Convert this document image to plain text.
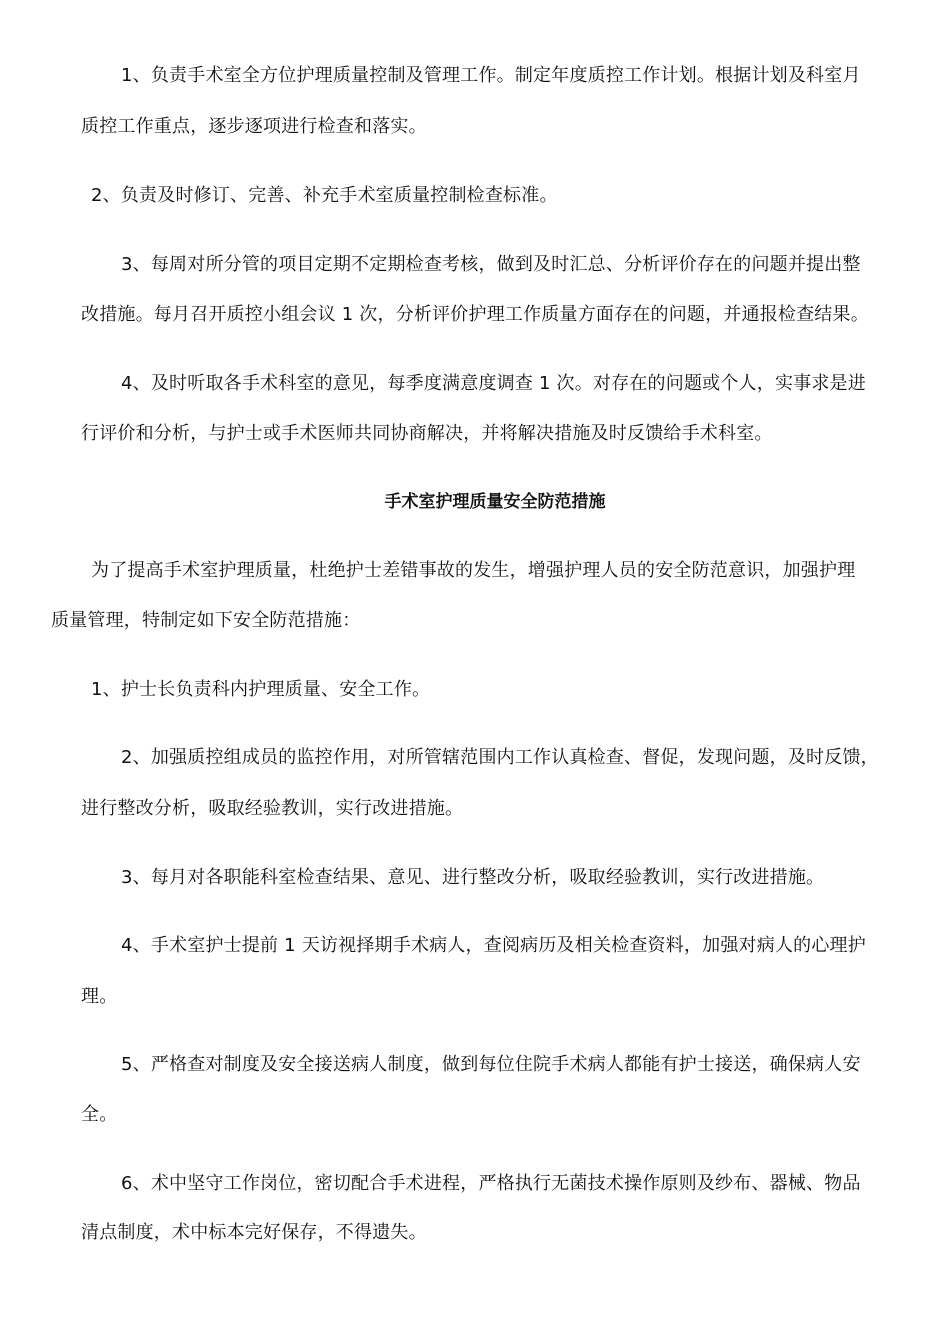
1、负责手术室全方位护理质量控制及管理工作。制定年度质控工作计划。根据计划及科室月

质控工作重点，逐步逐项进行检查和落实。

2、负责及时修订、完善、补充手术室质量控制检查标准。

3、每周对所分管的项目定期不定期检查考核，做到及时汇总、分析评价存在的问题并提出整

改措施。每月召开质控小组会议 1 次，分析评价护理工作质量方面存在的问题，并通报检查结果。

4、及时听取各手术科室的意见，每季度满意度调查 1 次。对存在的问题或个人，实事求是进

行评价和分析，与护士或手术医师共同协商解决，并将解决措施及时反馈给手术科室。

手术室护理质量安全防范措施

为了提高手术室护理质量，杜绝护士差错事故的发生，增强护理人员的安全防范意识，加强护理

质量管理，特制定如下安全防范措施：

1、护士长负责科内护理质量、安全工作。

2、加强质控组成员的监控作用，对所管辖范围内工作认真检查、督促，发现问题，及时反馈，

进行整改分析，吸取经验教训，实行改进措施。

3、每月对各职能科室检查结果、意见、进行整改分析，吸取经验教训，实行改进措施。

4、手术室护士提前 1 天访视择期手术病人，查阅病历及相关检查资料，加强对病人的心理护

理。

5、严格查对制度及安全接送病人制度，做到每位住院手术病人都能有护士接送，确保病人安

全。

6、术中坚守工作岗位，密切配合手术进程，严格执行无菌技术操作原则及纱布、器械、物品

清点制度，术中标本完好保存，不得遗失。
